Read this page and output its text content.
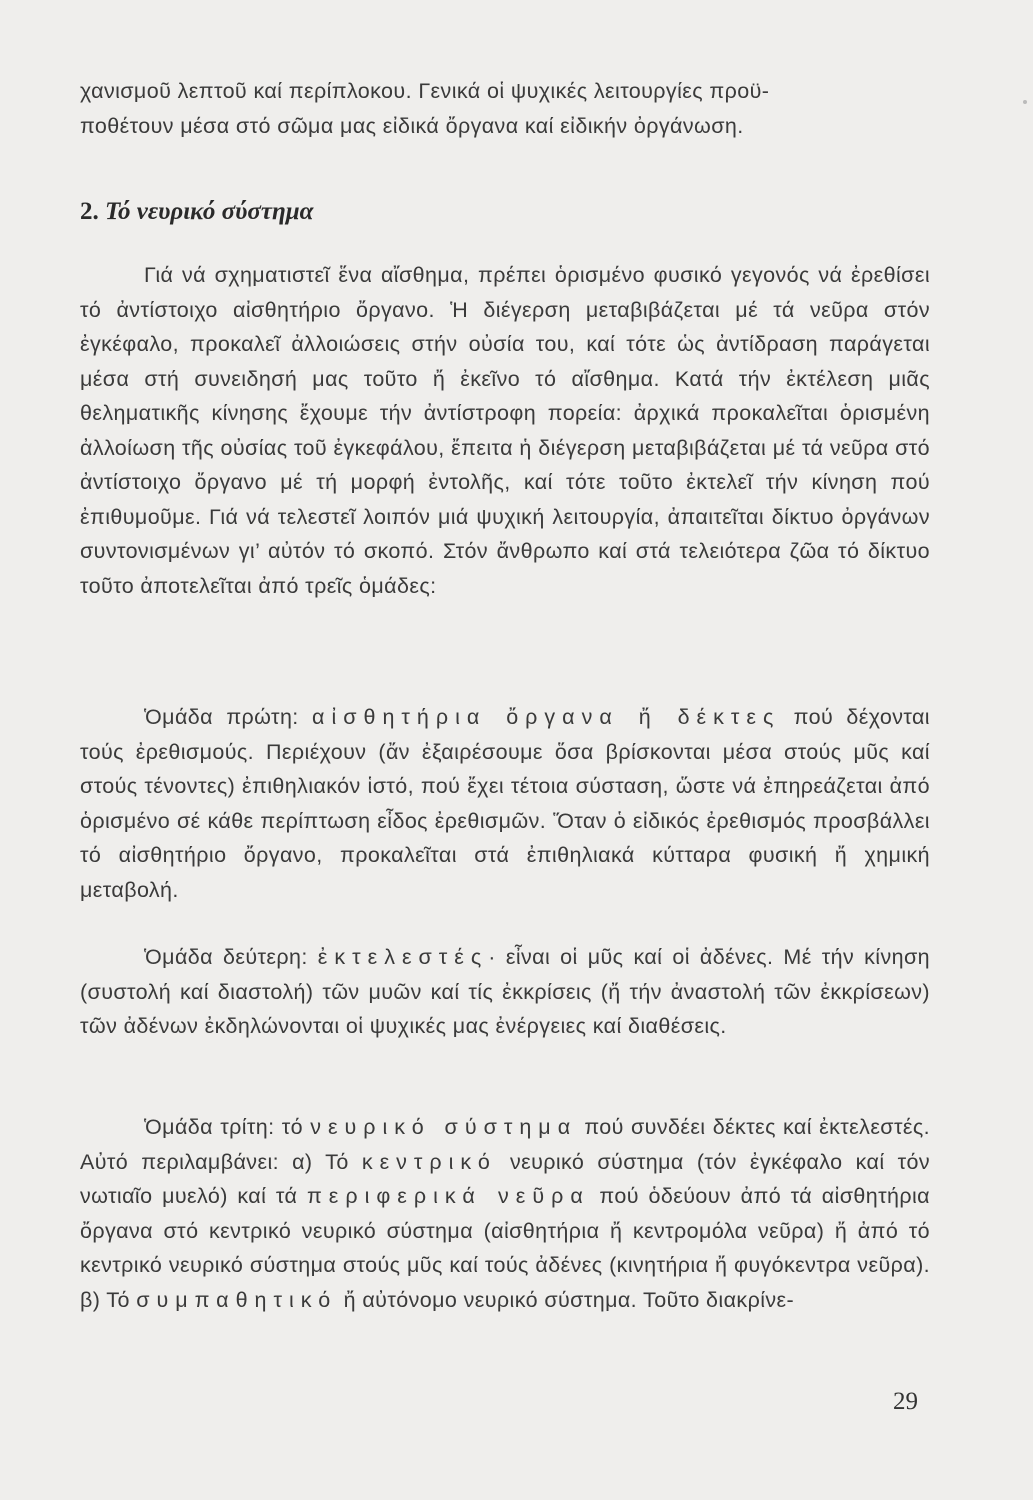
χανισμοῦ λεπτοῦ καί περίπλοκου. Γενικά οἱ ψυχικές λειτουργίες προϋ-

ποθέτουν μέσα στό σῶμα μας εἰδικά ὄργανα καί εἰδικήν ὀργάνωση.

2. Τό νευρικό σύστημα

Γιά νά σχηματιστεῖ ἕνα αἴσθημα, πρέπει ὁρισμένο φυσικό γεγονός νά ἐρεθίσει τό ἀντίστοιχο αἰσθητήριο ὄργανο. Ἡ διέγερση μεταβιβάζεται μέ τά νεῦρα στόν ἐγκέφαλο, προκαλεῖ ἀλλοιώσεις στήν οὐσία του, καί τότε ὡς ἀντίδραση παράγεται μέσα στή συνειδησή μας τοῦτο ἤ ἐκεῖνο τό αἴσθημα. Κατά τήν ἐκτέλεση μιᾶς θεληματικῆς κίνησης ἔχουμε τήν ἀντίστροφη πορεία: ἀρχικά προκαλεῖται ὁρισμένη ἀλλοίωση τῆς οὐσίας τοῦ ἐγκεφάλου, ἔπειτα ἡ διέγερση μεταβιβάζεται μέ τά νεῦρα στό ἀντίστοιχο ὄργανο μέ τή μορφή ἐντολῆς, καί τότε τοῦτο ἐκτελεῖ τήν κίνηση πού ἐπιθυμοῦμε. Γιά νά τελεστεῖ λοιπόν μιά ψυχική λειτουργία, ἀπαιτεῖται δίκτυο ὀργάνων συντονισμένων γι’ αὐτόν τό σκοπό. Στόν ἄνθρωπο καί στά τελειότερα ζῶα τό δίκτυο τοῦτο ἀποτελεῖται ἀπό τρεῖς ὁμάδες:

Ὁμάδα πρώτη: αἰσθητήρια ὄργανα ἤ δέκτες πού δέχονται τούς ἐρεθισμούς. Περιέχουν (ἄν ἐξαιρέσουμε ὅσα βρίσκονται μέσα στούς μῦς καί στούς τένοντες) ἐπιθηλιακόν ἱστό, πού ἔχει τέτοια σύσταση, ὥστε νά ἐπηρεάζεται ἀπό ὁρισμένο σέ κάθε περίπτωση εἶδος ἐρεθισμῶν. Ὅταν ὁ εἰδικός ἐρεθισμός προσβάλλει τό αἰσθητήριο ὄργανο, προκαλεῖται στά ἐπιθηλιακά κύτταρα φυσική ἤ χημική μεταβολή.

Ὁμάδα δεύτερη: ἐκτελεστές· εἶναι οἱ μῦς καί οἱ ἀδένες. Μέ τήν κίνηση (συστολή καί διαστολή) τῶν μυῶν καί τίς ἐκκρίσεις (ἤ τήν ἀναστολή τῶν ἐκκρίσεων) τῶν ἀδένων ἐκδηλώνονται οἱ ψυχικές μας ἐνέργειες καί διαθέσεις.

Ὁμάδα τρίτη: τό νευρικό σύστημα πού συνδέει δέκτες καί ἐκτελεστές. Αὐτό περιλαμβάνει: α) Τό κεντρικό νευρικό σύστημα (τόν ἐγκέφαλο καί τόν νωτιαῖο μυελό) καί τά περιφερικά νεῦρα πού ὁδεύουν ἀπό τά αἰσθητήρια ὄργανα στό κεντρικό νευρικό σύστημα (αἰσθητήρια ἤ κεντρομόλα νεῦρα) ἤ ἀπό τό κεντρικό νευρικό σύστημα στούς μῦς καί τούς ἀδένες (κινητήρια ἤ φυγόκεντρα νεῦρα). β) Τό συμπαθητικό ἤ αὐτόνομο νευρικό σύστημα. Τοῦτο διακρίνε-

29
